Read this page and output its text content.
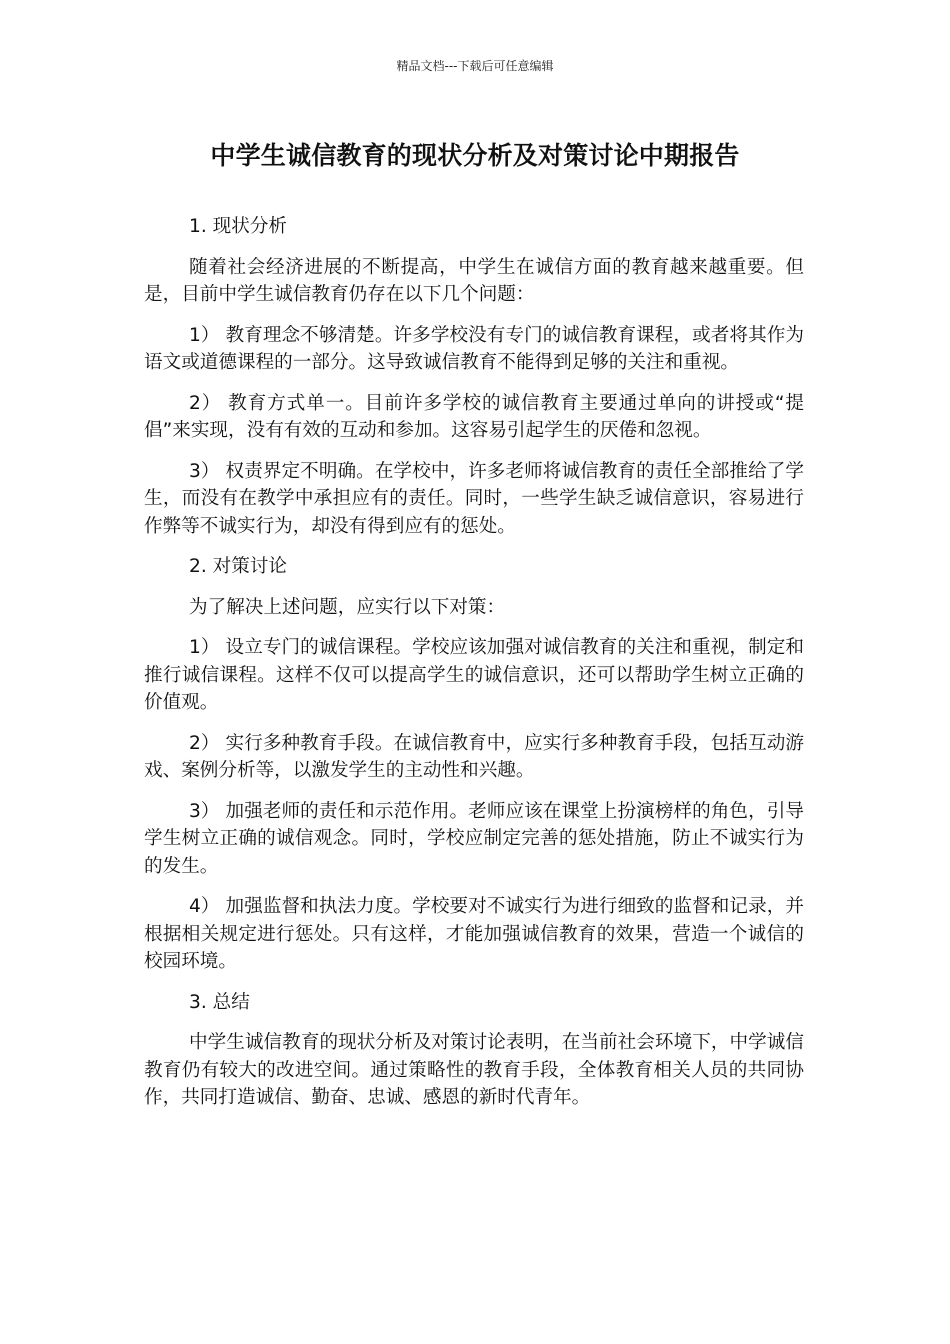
精品文档---下载后可任意编辑
中学生诚信教育的现状分析及对策讨论中期报告

1. 现状分析

随着社会经济进展的不断提高，中学生在诚信方面的教育越来越重要。但是，目前中学生诚信教育仍存在以下几个问题：

1） 教育理念不够清楚。许多学校没有专门的诚信教育课程，或者将其作为语文或道德课程的一部分。这导致诚信教育不能得到足够的关注和重视。

2） 教育方式单一。目前许多学校的诚信教育主要通过单向的讲授或“提倡”来实现，没有有效的互动和参加。这容易引起学生的厌倦和忽视。

3） 权责界定不明确。在学校中，许多老师将诚信教育的责任全部推给了学生，而没有在教学中承担应有的责任。同时，一些学生缺乏诚信意识，容易进行作弊等不诚实行为，却没有得到应有的惩处。

2. 对策讨论

为了解决上述问题，应实行以下对策：

1） 设立专门的诚信课程。学校应该加强对诚信教育的关注和重视，制定和推行诚信课程。这样不仅可以提高学生的诚信意识，还可以帮助学生树立正确的价值观。

2） 实行多种教育手段。在诚信教育中，应实行多种教育手段，包括互动游戏、案例分析等，以激发学生的主动性和兴趣。

3） 加强老师的责任和示范作用。老师应该在课堂上扮演榜样的角色，引导学生树立正确的诚信观念。同时，学校应制定完善的惩处措施，防止不诚实行为的发生。

4） 加强监督和执法力度。学校要对不诚实行为进行细致的监督和记录，并根据相关规定进行惩处。只有这样，才能加强诚信教育的效果，营造一个诚信的校园环境。

3. 总结

中学生诚信教育的现状分析及对策讨论表明，在当前社会环境下，中学诚信教育仍有较大的改进空间。通过策略性的教育手段，全体教育相关人员的共同协作，共同打造诚信、勤奋、忠诚、感恩的新时代青年。
